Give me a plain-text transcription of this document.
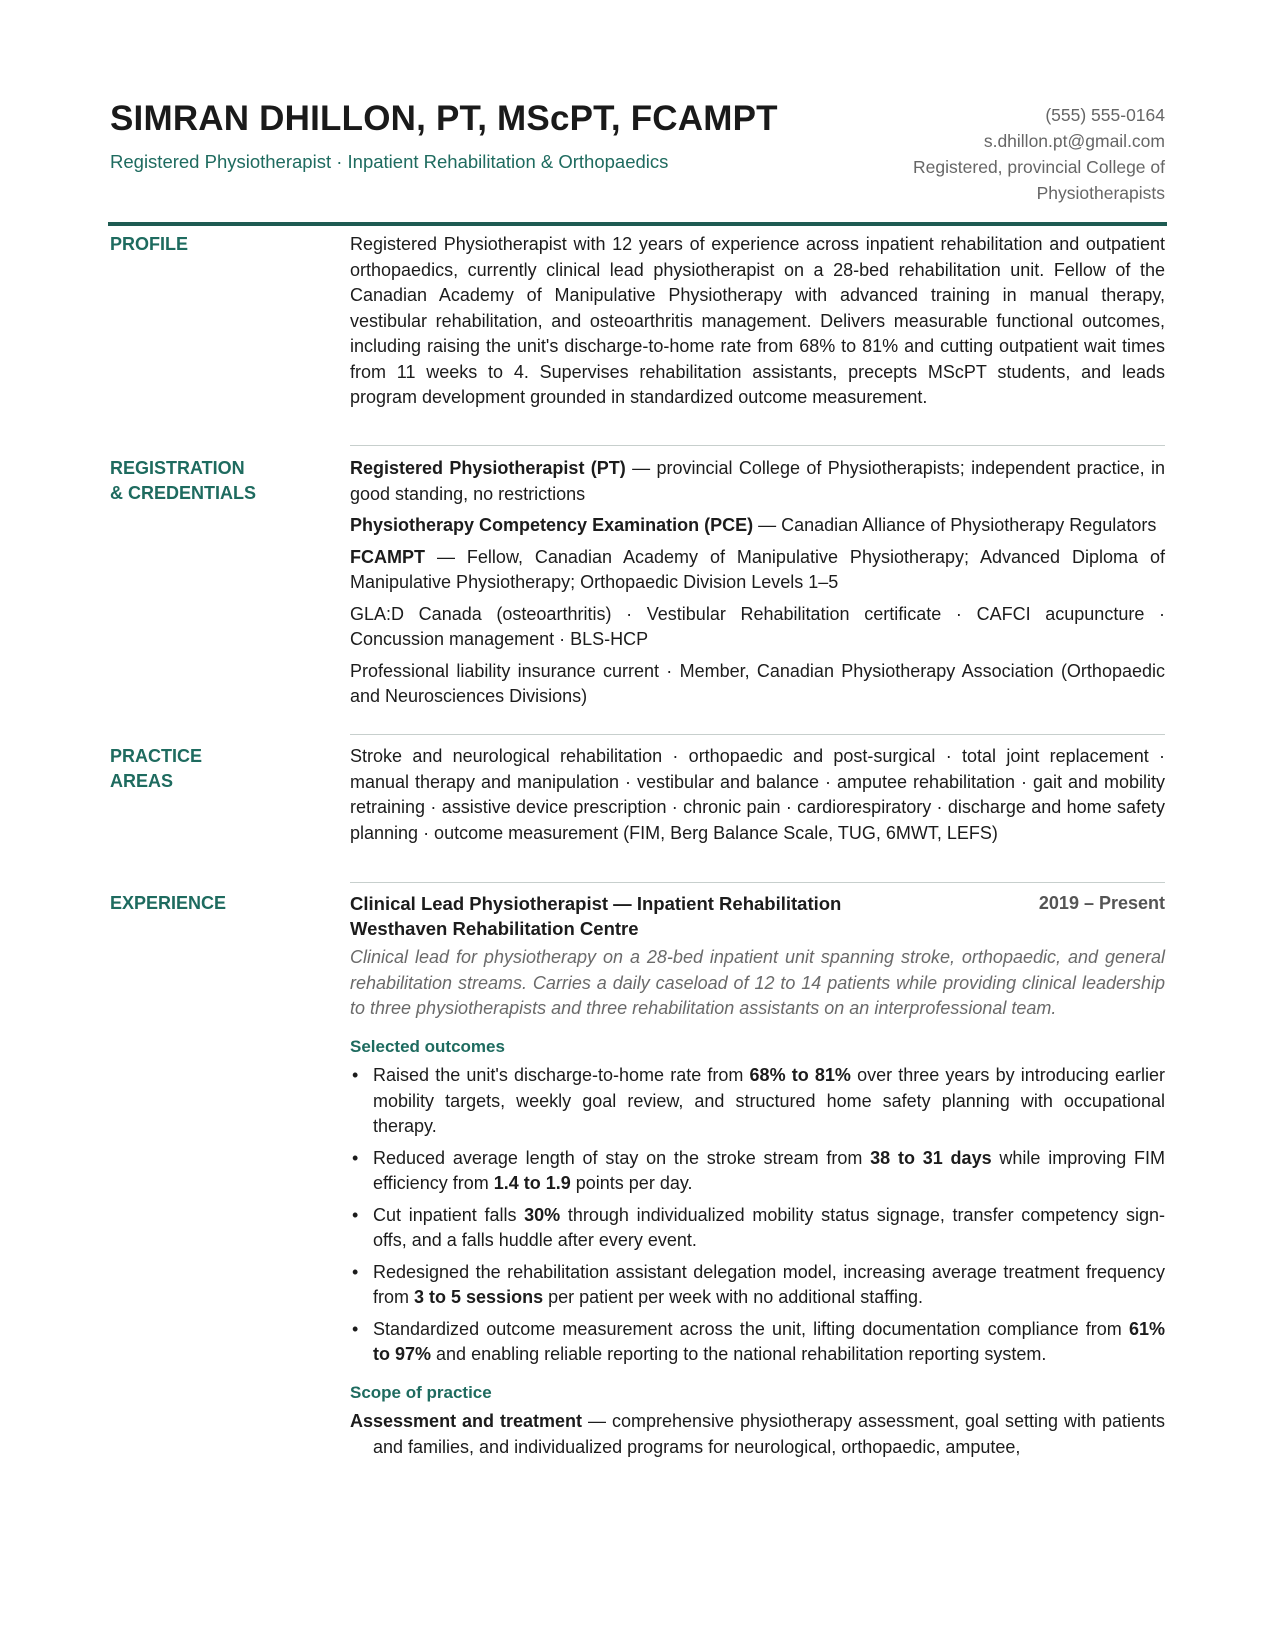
SIMRAN DHILLON, PT, MScPT, FCAMPT
Registered Physiotherapist · Inpatient Rehabilitation & Orthopaedics
(555) 555-0164
s.dhillon.pt@gmail.com
Registered, provincial College of Physiotherapists
PROFILE	Registered Physiotherapist with 12 years of experience across inpatient rehabilitation and outpatient orthopaedics, currently clinical lead physiotherapist on a 28-bed rehabilitation unit. Fellow of the Canadian Academy of Manipulative Physiotherapy with advanced training in manual therapy, vestibular rehabilitation, and osteoarthritis management. Delivers measurable functional outcomes, including raising the unit's discharge-to-home rate from 68% to 81% and cutting outpatient wait times from 11 weeks to 4. Supervises rehabilitation assistants, precepts MScPT students, and leads program development grounded in standardized outcome measurement.

REGISTRATION
& CREDENTIALS

Registered Physiotherapist (PT) — provincial College of Physiotherapists; independent practice, in good standing, no restrictions

Physiotherapy Competency Examination (PCE) — Canadian Alliance of Physiotherapy Regulators

FCAMPT — Fellow, Canadian Academy of Manipulative Physiotherapy; Advanced Diploma of Manipulative Physiotherapy; Orthopaedic Division Levels 1–5

GLA:D Canada (osteoarthritis) · Vestibular Rehabilitation certificate · CAFCI acupuncture · Concussion management · BLS-HCP

Professional liability insurance current · Member, Canadian Physiotherapy Association (Orthopaedic and Neurosciences Divisions)

PRACTICE
AREAS

Stroke and neurological rehabilitation · orthopaedic and post-surgical · total joint replacement · manual therapy and manipulation · vestibular and balance · amputee rehabilitation · gait and mobility retraining · assistive device prescription · chronic pain · cardiorespiratory · discharge and home safety planning · outcome measurement (FIM, Berg Balance Scale, TUG, 6MWT, LEFS)

EXPERIENCE	Clinical Lead Physiotherapist — Inpatient Rehabilitation	2019 – Present
Westhaven Rehabilitation Centre
Clinical lead for physiotherapy on a 28-bed inpatient unit spanning stroke, orthopaedic, and general rehabilitation streams. Carries a daily caseload of 12 to 14 patients while providing clinical leadership to three physiotherapists and three rehabilitation assistants on an interprofessional team.
Selected outcomes
• Raised the unit's discharge-to-home rate from 68% to 81% over three years by introducing earlier mobility targets, weekly goal review, and structured home safety planning with occupational therapy.
• Reduced average length of stay on the stroke stream from 38 to 31 days while improving FIM efficiency from 1.4 to 1.9 points per day.
• Cut inpatient falls 30% through individualized mobility status signage, transfer competency sign-offs, and a falls huddle after every event.
• Redesigned the rehabilitation assistant delegation model, increasing average treatment frequency from 3 to 5 sessions per patient per week with no additional staffing.
• Standardized outcome measurement across the unit, lifting documentation compliance from 61% to 97% and enabling reliable reporting to the national rehabilitation reporting system.
Scope of practice
Assessment and treatment — comprehensive physiotherapy assessment, goal setting with patients and families, and individualized programs for neurological, orthopaedic, amputee,
